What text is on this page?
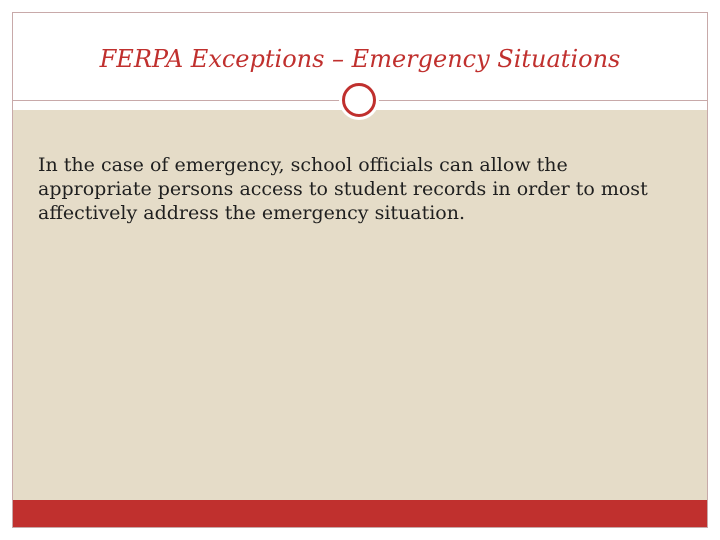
FERPA Exceptions – Emergency Situations

In the case of emergency, school officials can allow the appropriate persons access to student records in order to most affectively address the emergency situation.
